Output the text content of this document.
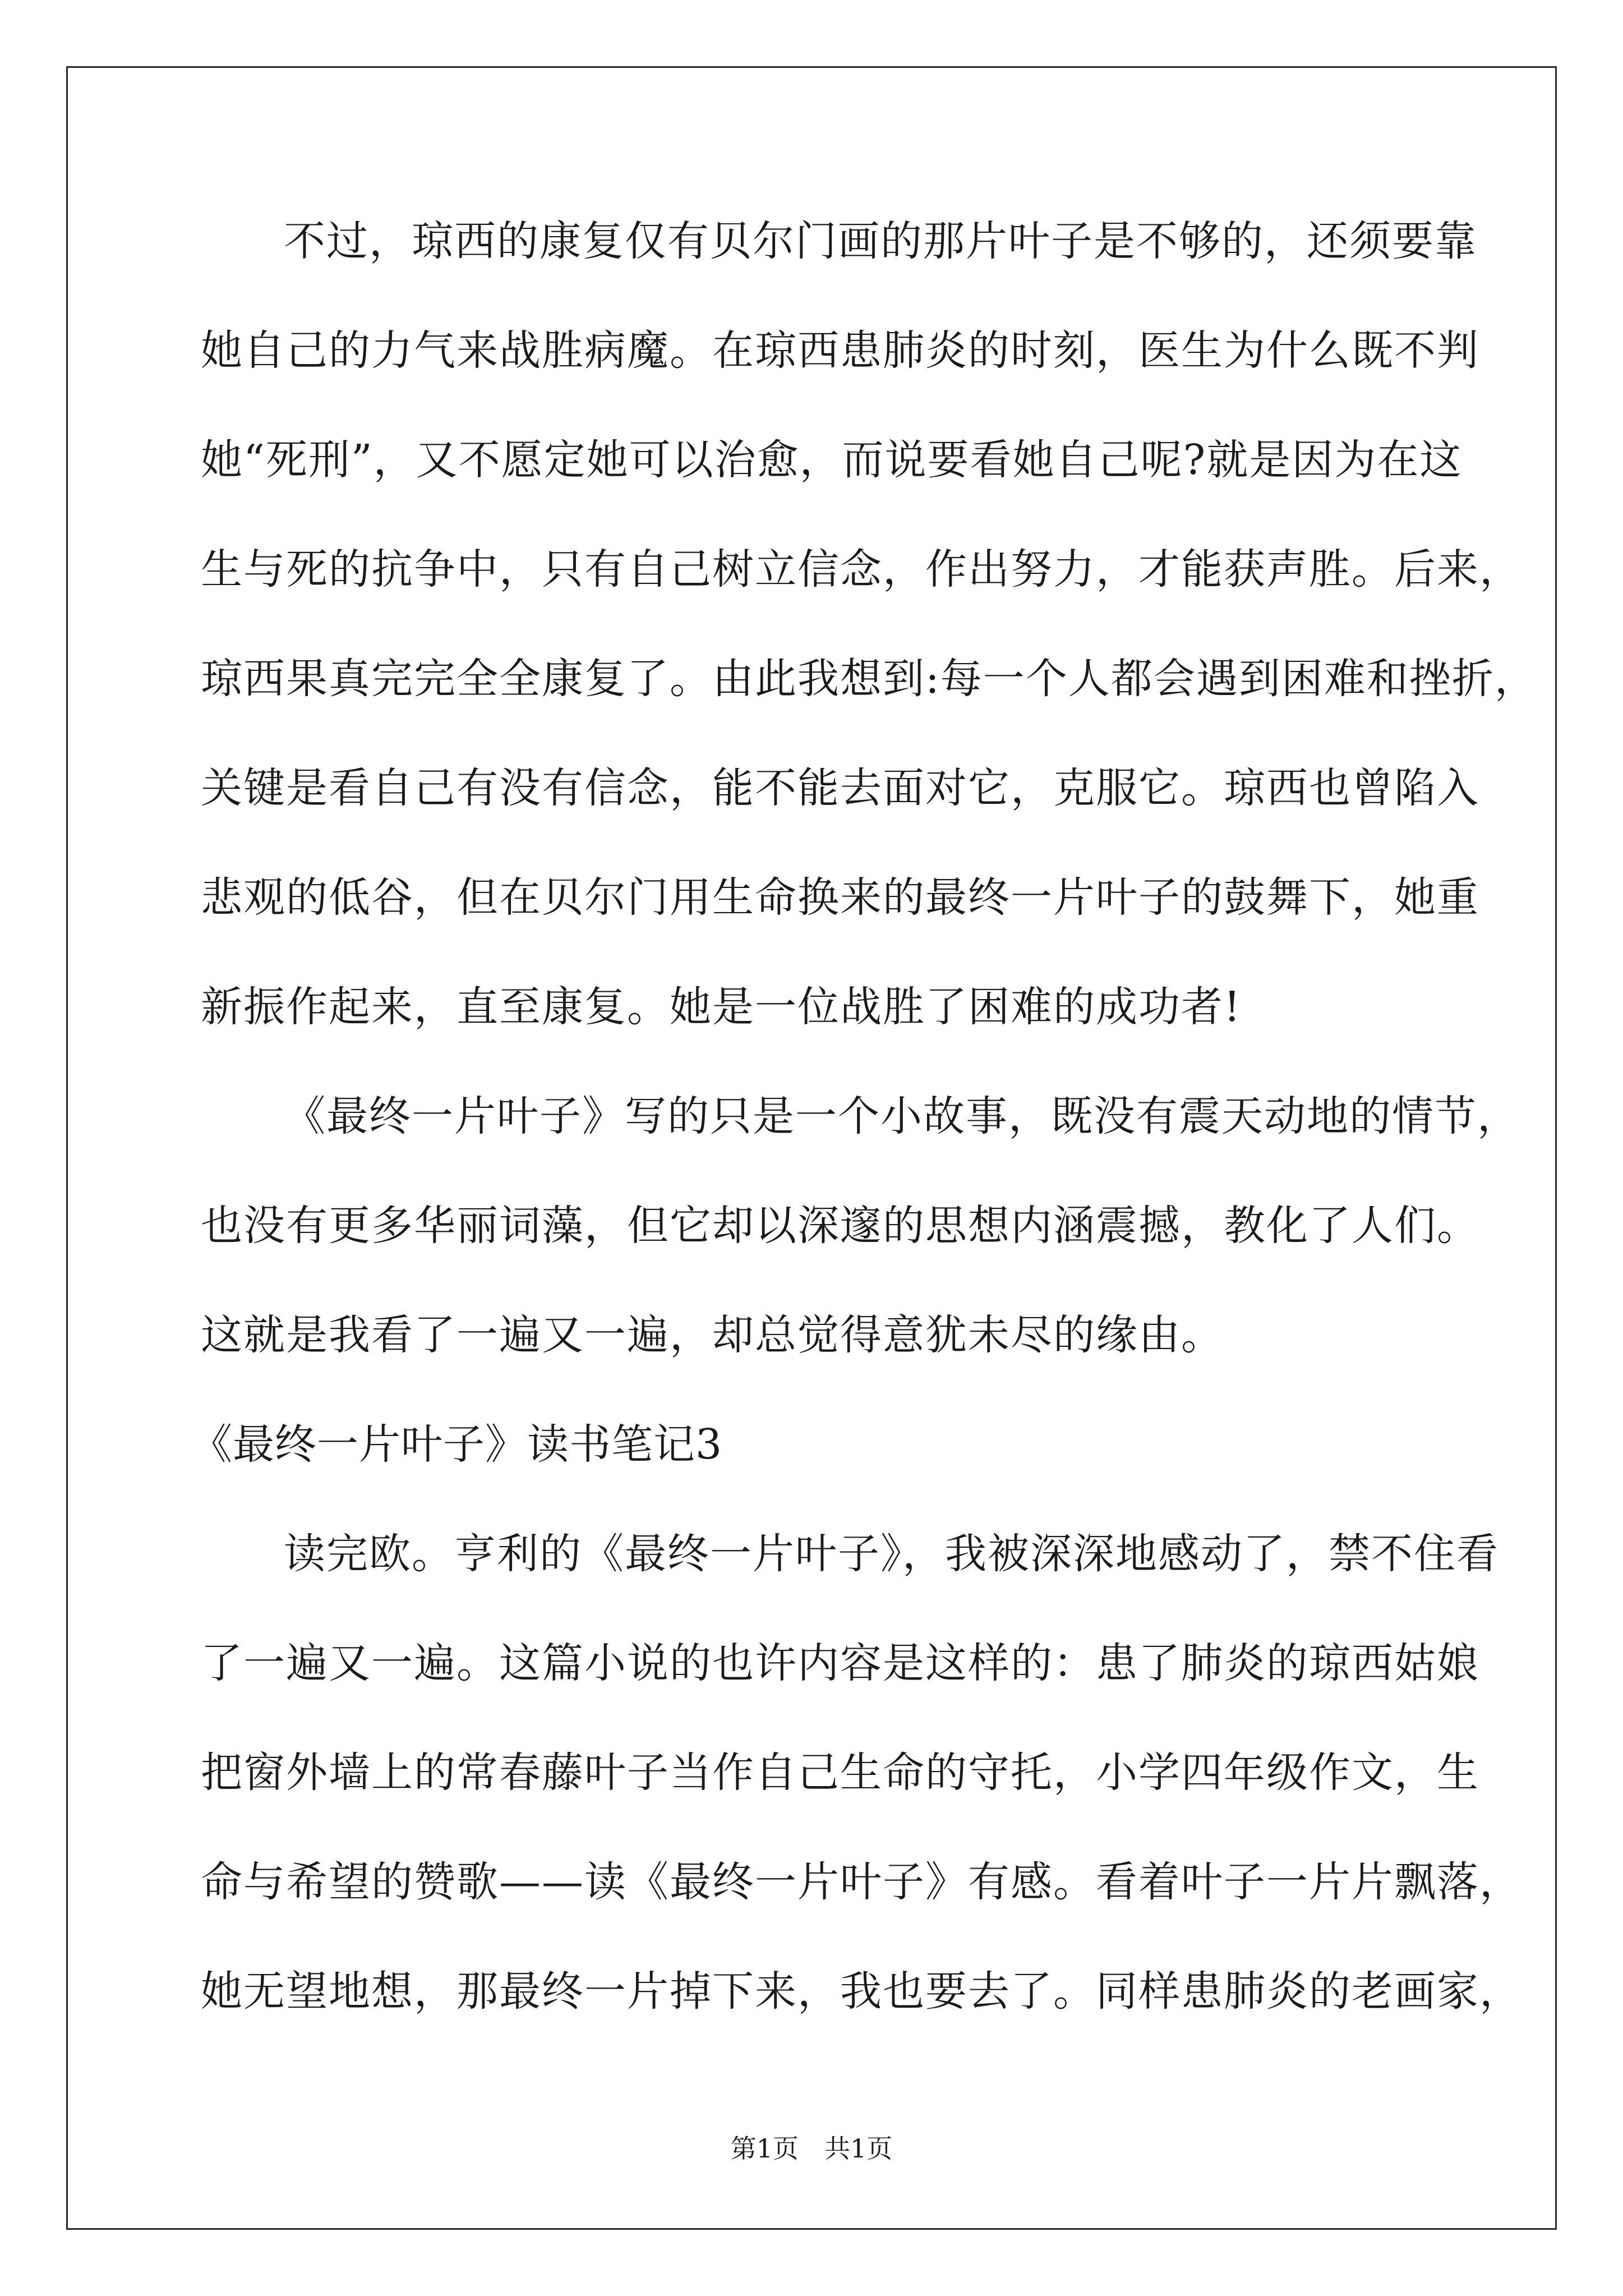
不过，琼西的康复仅有贝尔门画的那片叶子是不够的，还须要靠
她自己的力气来战胜病魔。在琼西患肺炎的时刻，医生为什么既不判
她“死刑”，又不愿定她可以治愈，而说要看她自己呢?就是因为在这
生与死的抗争中，只有自己树立信念，作出努力，才能获声胜。后来，
琼西果真完完全全康复了。由此我想到:每一个人都会遇到困难和挫折，
关键是看自己有没有信念，能不能去面对它，克服它。琼西也曾陷入
悲观的低谷，但在贝尔门用生命换来的最终一片叶子的鼓舞下，她重
新振作起来，直至康复。她是一位战胜了困难的成功者!
《最终一片叶子》写的只是一个小故事，既没有震天动地的情节，
也没有更多华丽词藻，但它却以深邃的思想内涵震撼，教化了人们。
这就是我看了一遍又一遍，却总觉得意犹未尽的缘由。
《最终一片叶子》读书笔记3
读完欧。亨利的《最终一片叶子》，我被深深地感动了，禁不住看
了一遍又一遍。这篇小说的也许内容是这样的：患了肺炎的琼西姑娘
把窗外墙上的常春藤叶子当作自己生命的守托，小学四年级作文，生
命与希望的赞歌——读《最终一片叶子》有感。看着叶子一片片飘落，
她无望地想，那最终一片掉下来，我也要去了。同样患肺炎的老画家，
第1页　共1页
